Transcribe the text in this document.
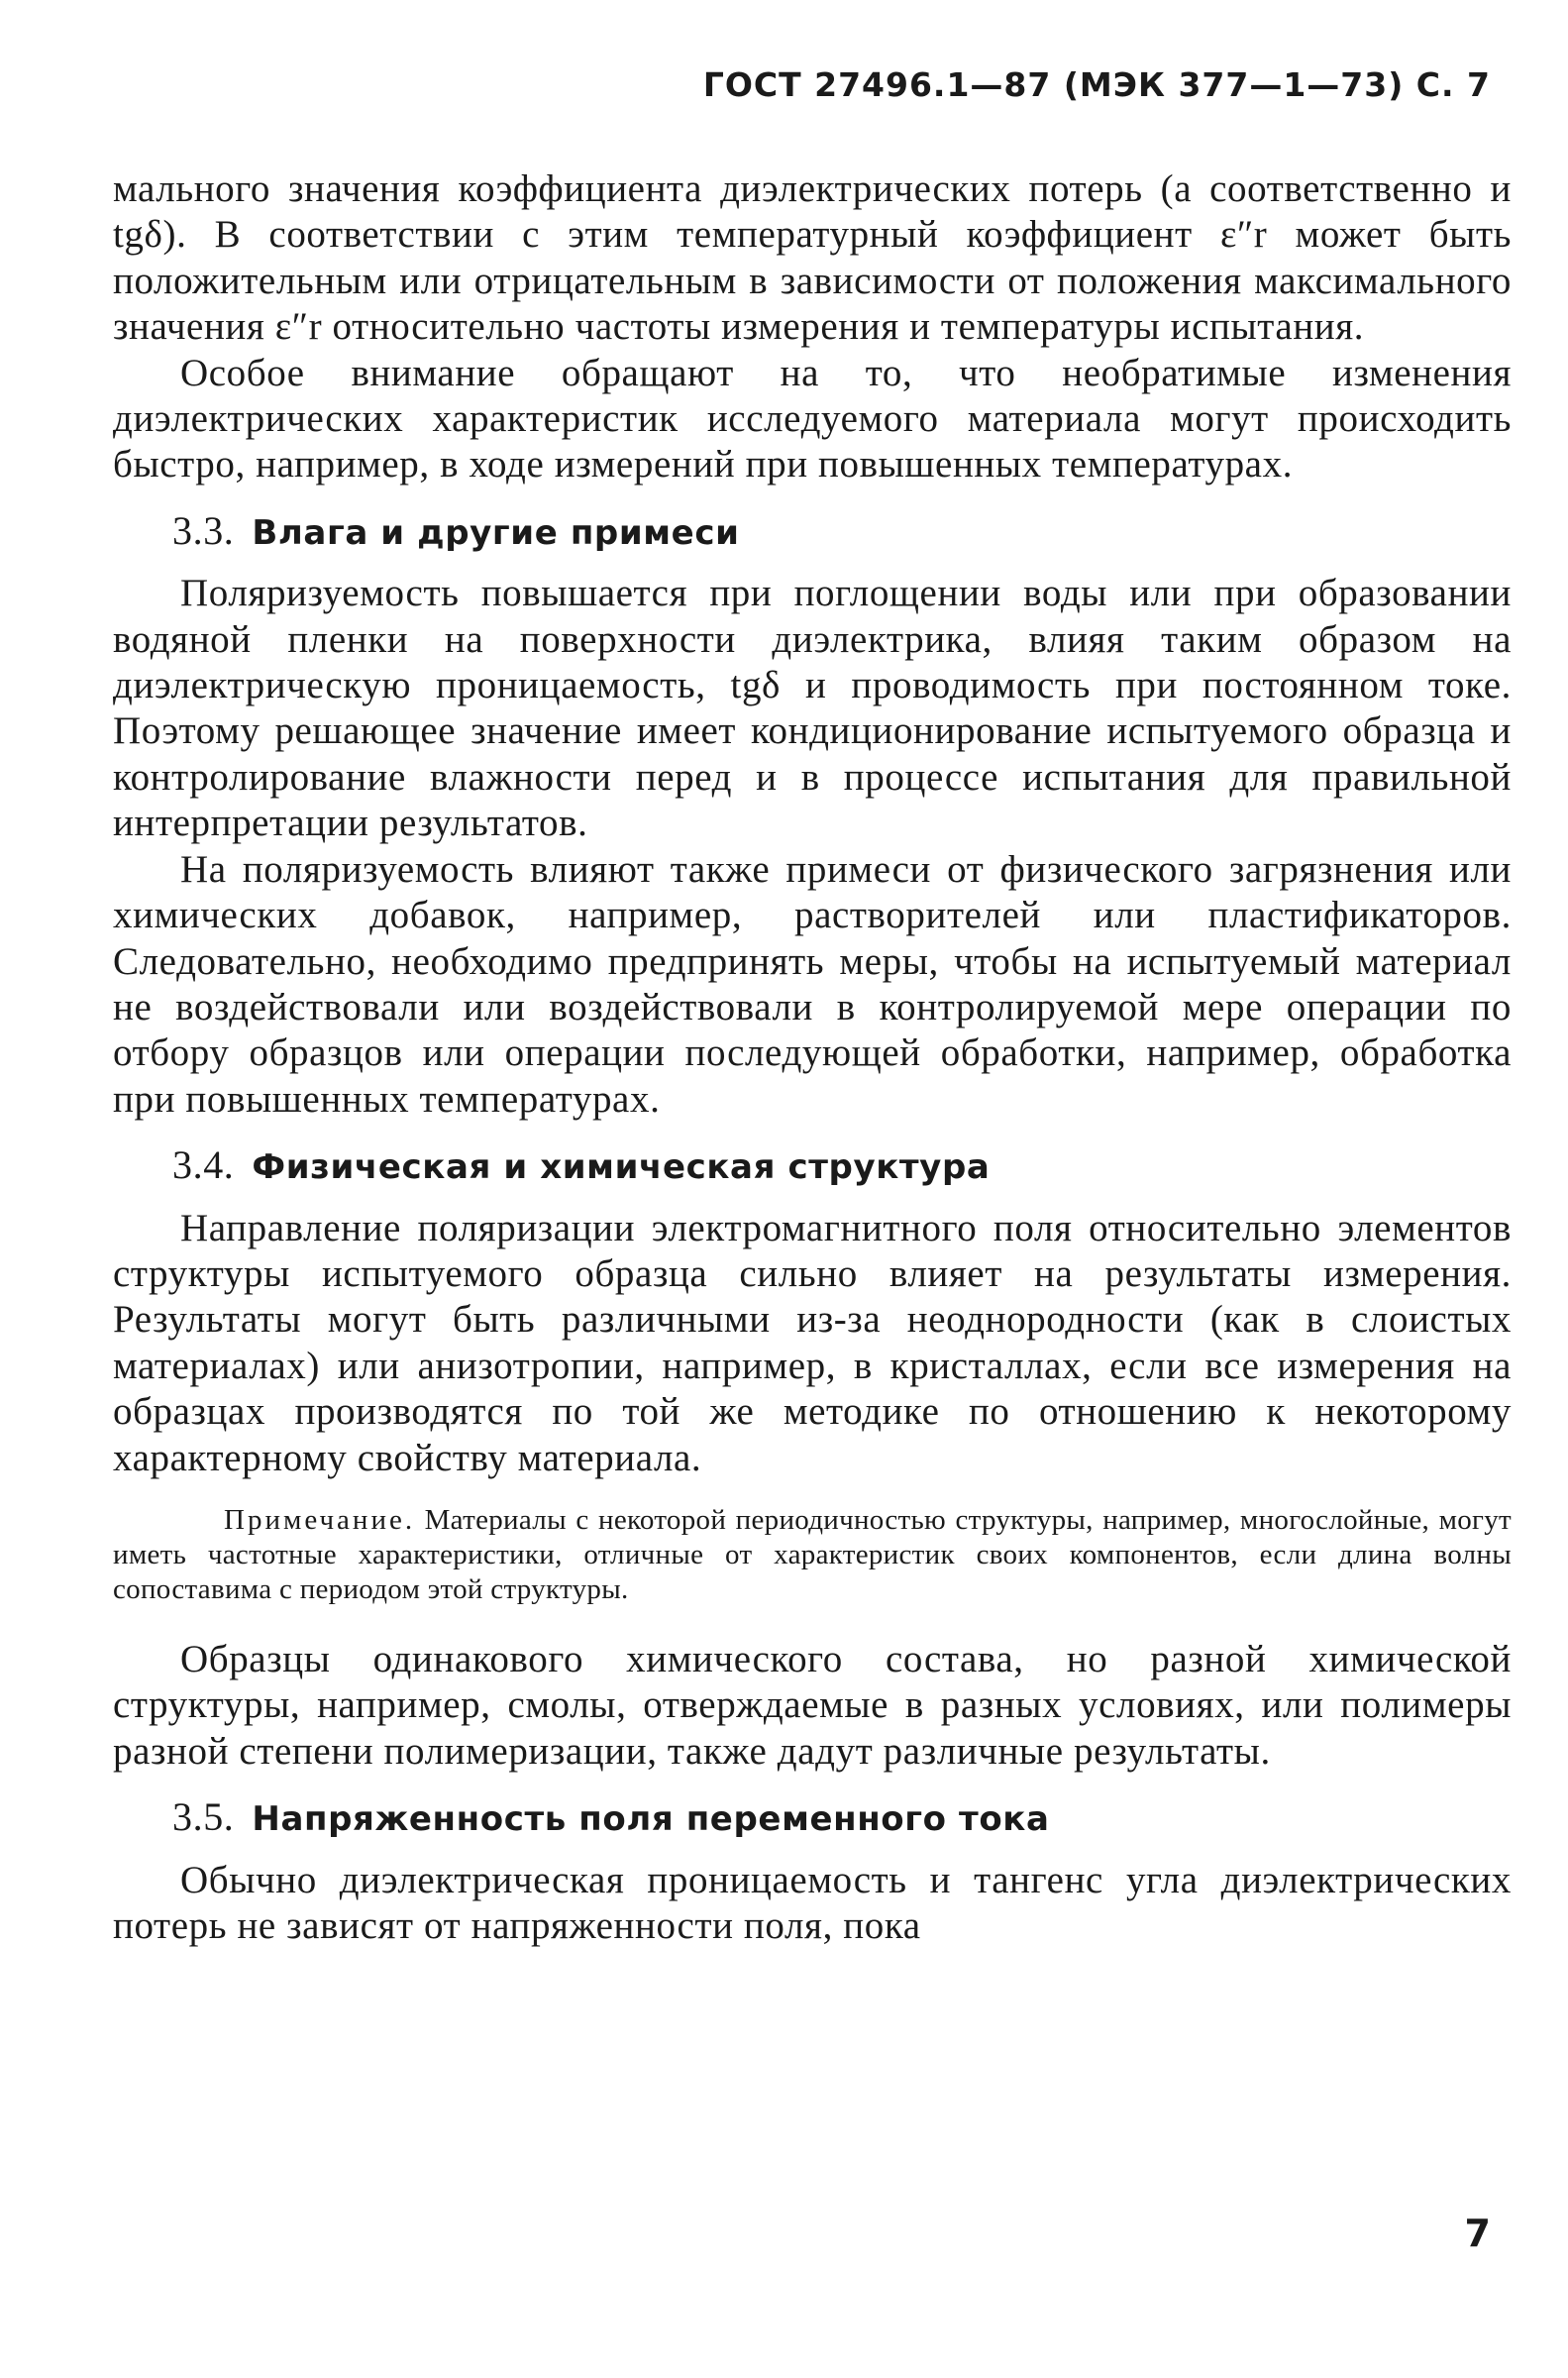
ГОСТ 27496.1—87 (МЭК 377—1—73) С. 7

мального значения коэффициента диэлектрических потерь (а соответственно и tgδ). В соответствии с этим температурный коэффициент ε″r может быть положительным или отрицательным в зависимости от положения максимального значения ε″r относительно частоты измерения и температуры испытания.

Особое внимание обращают на то, что необратимые изменения диэлектрических характеристик исследуемого материала могут происходить быстро, например, в ходе измерений при повышенных температурах.

3.3. Влага и другие примеси

Поляризуемость повышается при поглощении воды или при образовании водяной пленки на поверхности диэлектрика, влияя таким образом на диэлектрическую проницаемость, tgδ и проводимость при постоянном токе. Поэтому решающее значение имеет кондиционирование испытуемого образца и контролирование влажности перед и в процессе испытания для правильной интерпретации результатов.

На поляризуемость влияют также примеси от физического загрязнения или химических добавок, например, растворителей или пластификаторов. Следовательно, необходимо предпринять меры, чтобы на испытуемый материал не воздействовали или воздействовали в контролируемой мере операции по отбору образцов или операции последующей обработки, например, обработка при повышенных температурах.

3.4. Физическая и химическая структура

Направление поляризации электромагнитного поля относительно элементов структуры испытуемого образца сильно влияет на результаты измерения. Результаты могут быть различными из-за неоднородности (как в слоистых материалах) или анизотропии, например, в кристаллах, если все измерения на образцах производятся по той же методике по отношению к некоторому характерному свойству материала.

Примечание. Материалы с некоторой периодичностью структуры, например, многослойные, могут иметь частотные характеристики, отличные от характеристик своих компонентов, если длина волны сопоставима с периодом этой структуры.

Образцы одинакового химического состава, но разной химической структуры, например, смолы, отверждаемые в разных условиях, или полимеры разной степени полимеризации, также дадут различные результаты.

3.5. Напряженность поля переменного тока

Обычно диэлектрическая проницаемость и тангенс угла диэлектрических потерь не зависят от напряженности поля, пока

7
